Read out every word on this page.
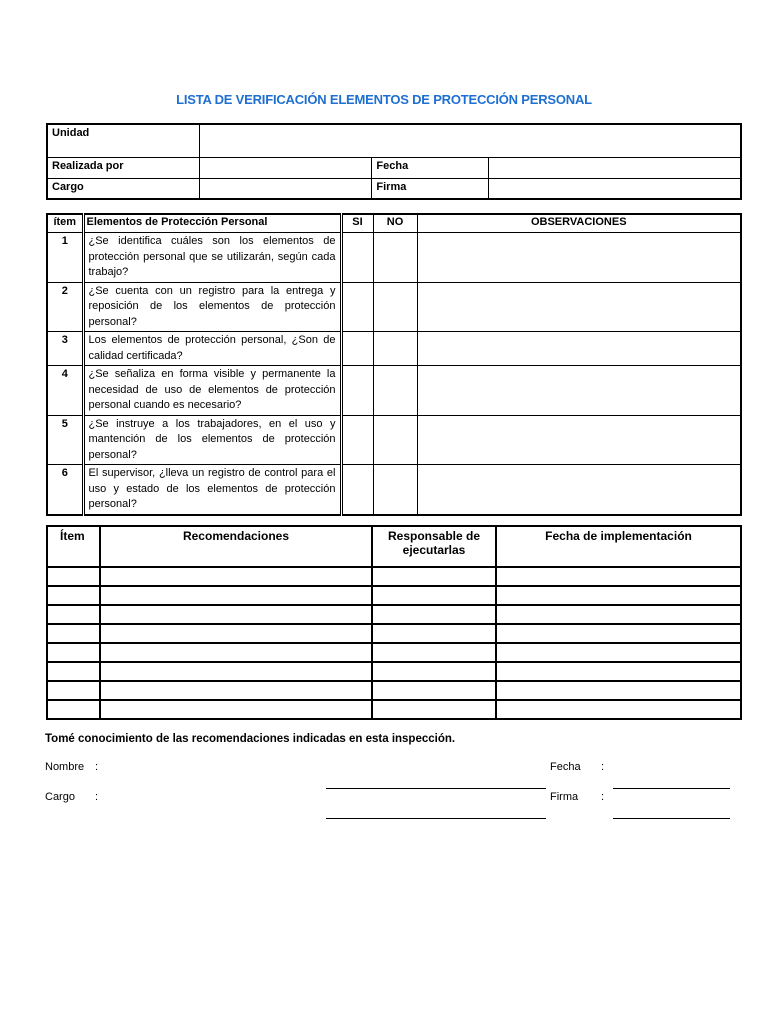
LISTA DE VERIFICACIÓN ELEMENTOS DE PROTECCIÓN PERSONAL
Unidad			
Realizada por		Fecha	
Cargo		Firma	
ítem	Elementos de Protección Personal	SI	NO	OBSERVACIONES
1	¿Se identifica cuáles son los elementos de protección personal que se utilizarán, según cada trabajo?			
2	¿Se cuenta con un registro para la entrega y reposición de los elementos de protección personal?			
3	Los elementos de protección personal, ¿Son de calidad certificada?			
4	¿Se señaliza en forma visible y permanente la necesidad de uso de elementos de protección personal cuando es necesario?			
5	¿Se instruye a los trabajadores, en el uso y mantención de los elementos de protección personal?			
6	El supervisor, ¿lleva un registro de control para el uso y estado de los elementos de protección personal?			
Ítem	Recomendaciones	Responsable de ejecutarlas	Fecha de implementación

Tomé conocimiento de las recomendaciones indicadas en esta inspección.
Nombre :
Cargo :
Fecha :
Firma :
